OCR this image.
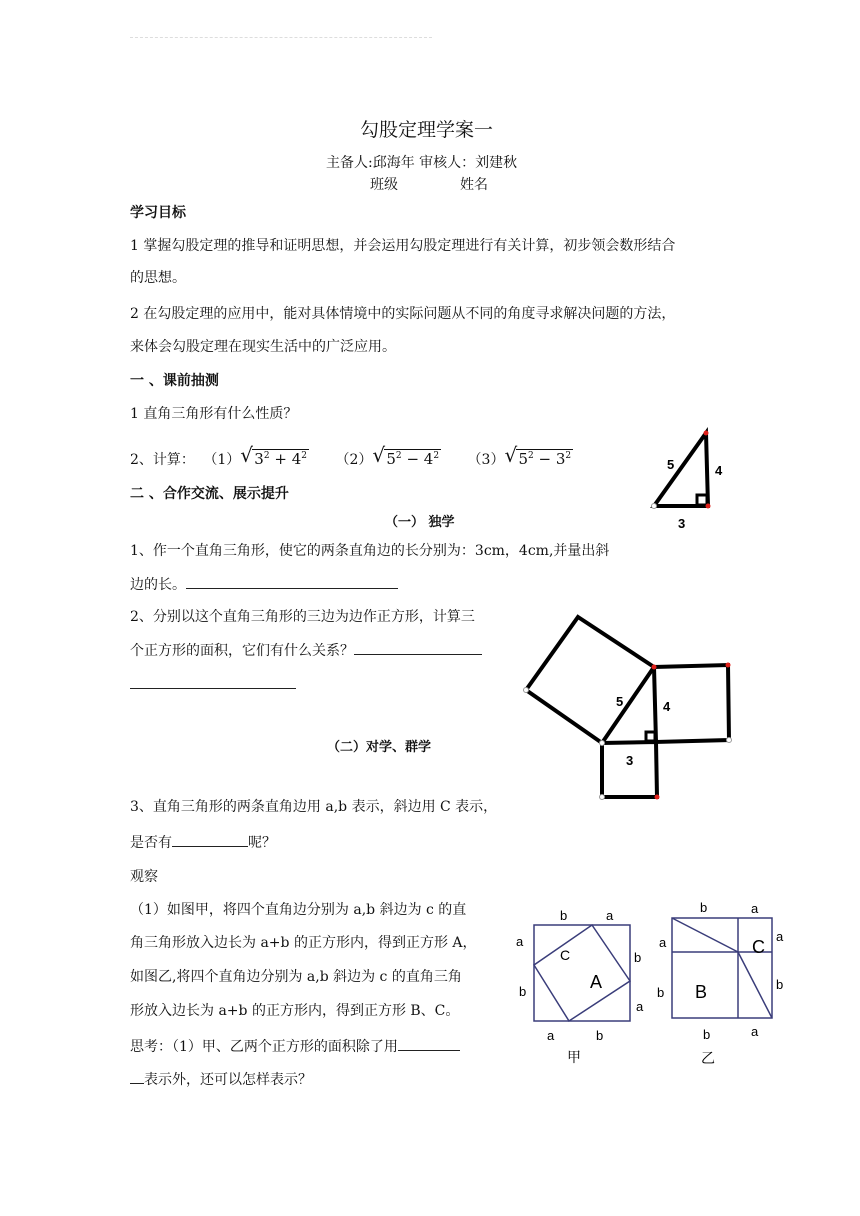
勾股定理学案一
主备人:邱海年 审核人：刘建秋
班级	姓名
学习目标
1 掌握勾股定理的推导和证明思想，并会运用勾股定理进行有关计算，初步领会数形结合
的思想。
2 在勾股定理的应用中，能对具体情境中的实际问题从不同的角度寻求解决问题的方法，
来体会勾股定理在现实生活中的广泛应用。
一 、课前抽测
1 直角三角形有什么性质？
2、计算： （1） √ $3^2 + 4^2$ （2） √ $5^2 - 4^2$ （3） √ $5^2 - 3^2$
二 、合作交流、展示提升
（一） 独学
1、作一个直角三角形，使它的两条直角边的长分别为：3cm，4cm,并量出斜
边的长。
2、分别以这个直角三角形的三边为边作正方形，计算三
个正方形的面积，它们有什么关系？
（二）对学、群学
3、直角三角形的两条直角边用 a,b 表示，斜边用 C 表示，
是否有	呢？
观察
（1）如图甲，将四个直角边分别为 a,b 斜边为 c 的直
角三角形放入边长为 a+b 的正方形内，得到正方形 A，
如图乙,将四个直角边分别为 a,b 斜边为 c 的直角三角
形放入边长为 a+b 的正方形内，得到正方形 B、C。
思考：（1）甲、乙两个正方形的面积除了用
表示外，还可以怎样表示？
5	4
3
5	4
3
b	a
a
b
b
a
a	b
C
A
甲
b	a
a
b
a
b
b	a
B
C
乙
